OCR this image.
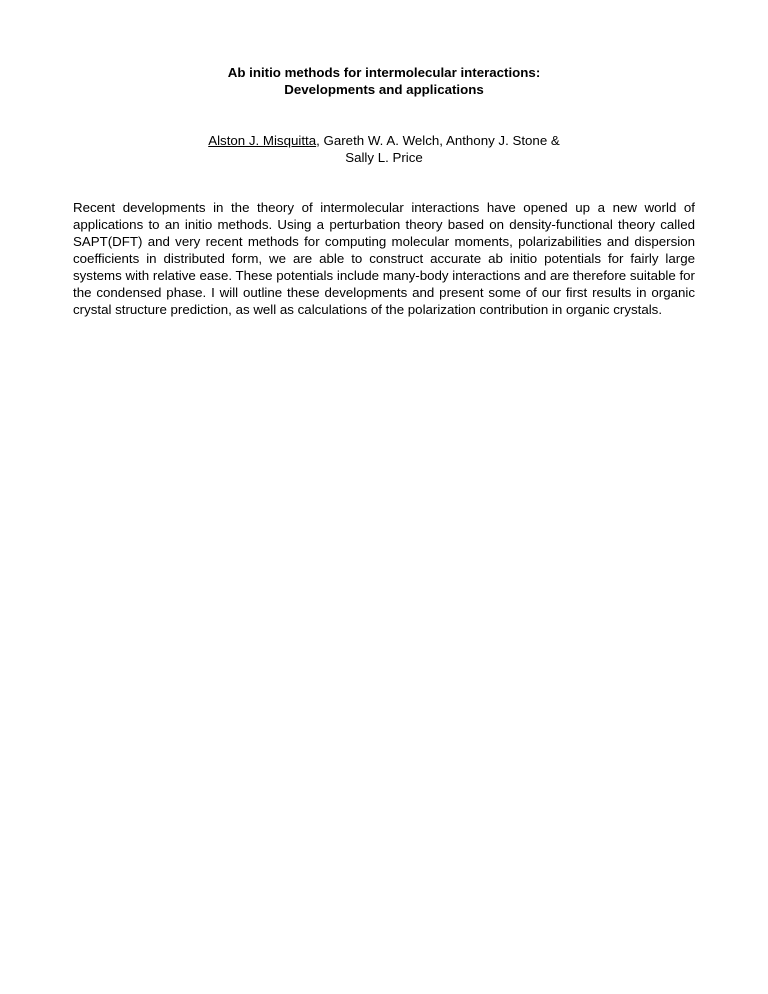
Ab initio methods for intermolecular interactions:
Developments and applications
Alston J. Misquitta, Gareth W. A. Welch, Anthony J. Stone &
Sally L. Price

Recent developments in the theory of intermolecular interactions have opened up a new world of applications to an initio methods. Using a perturbation theory based on density-functional theory called SAPT(DFT) and very recent methods for computing molecular moments, polarizabilities and dispersion coefficients in distributed form, we are able to construct accurate ab initio potentials for fairly large systems with relative ease. These potentials include many-body interactions and are therefore suitable for the condensed phase. I will outline these developments and present some of our first results in organic crystal structure prediction, as well as calculations of the polarization contribution in organic crystals.
